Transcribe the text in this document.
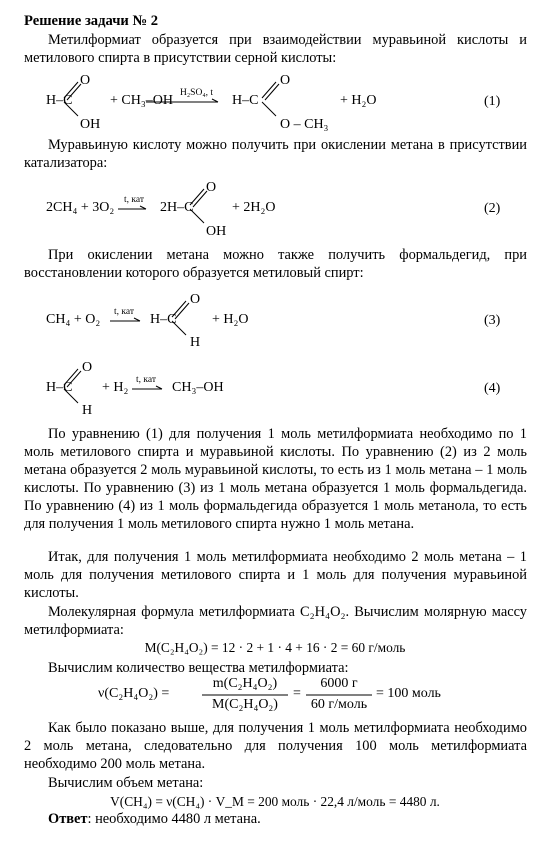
Решение задачи № 2
Метилформиат образуется при взаимодействии муравьиной кислоты и метилового спирта в присутствии серной кислоты:
H–C
O
OH
+ CH₃–OH H₂SO₄, t H–C
O
O – CH₃
+ H₂O	(1)
Муравьиную кислоту можно получить при окислении метана в присутствии катализатора:
2CH₄ + 3O₂ t, кат 2H–C
O
OH
+ 2H₂O	(2)
При окислении метана можно также получить формальдегид, при восстановлении которого образуется метиловый спирт:
CH₄ + O₂ t, кат H–C
O
H
+ H₂O	(3)
H–C
O
H
+ H₂ t, кат CH₃–OH	(4)
По уравнению (1) для получения 1 моль метилформиата необходимо по 1 моль метилового спирта и муравьиной кислоты. По уравнению (2) из 2 моль метана образуется 2 моль муравьиной кислоты, то есть из 1 моль метана – 1 моль кислоты. По уравнению (3) из 1 моль метана образуется 1 моль формальдегида. По уравнению (4) из 1 моль формальдегида образуется 1 моль метанола, то есть для получения 1 моль метилового спирта нужно 1 моль метана.
Итак, для получения 1 моль метилформиата необходимо 2 моль метана – 1 моль для получения метилового спирта и 1 моль для получения муравьиной кислоты.
Молекулярная формула метилформиата C₂H₄O₂. Вычислим молярную массу метилформиата:
M(C₂H₄O₂) = 12 · 2 + 1 · 4 + 16 · 2 = 60 г/моль
Вычислим количество вещества метилформиата:
ν(C₂H₄O₂) =
m(C₂H₄O₂)
M(C₂H₄O₂)
=
6000 г
60 г/моль
= 100 моль
Как было показано выше, для получения 1 моль метилформиата необходимо 2 моль метана, следовательно для получения 100 моль метилформиата необходимо 200 моль метана.
Вычислим объем метана:
V(CH₄) = ν(CH₄) · V_M = 200 моль · 22,4 л/моль = 4480 л.
Ответ: необходимо 4480 л метана.
